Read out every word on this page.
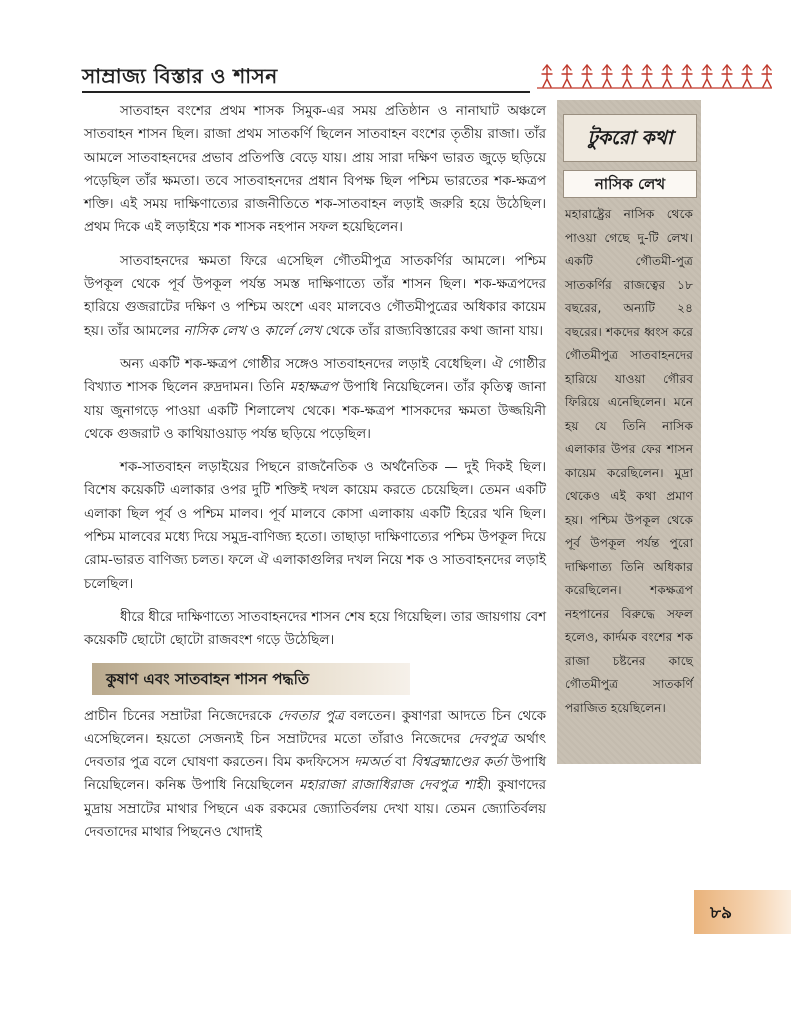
সাম্রাজ্য বিস্তার ও শাসন

সাতবাহন বংশের প্রথম শাসক সিমুক-এর সময় প্রতিষ্ঠান ও নানাঘাট অঞ্চলে সাতবাহন শাসন ছিল। রাজা প্রথম সাতকর্ণি ছিলেন সাতবাহন বংশের তৃতীয় রাজা। তাঁর আমলে সাতবাহনদের প্রভাব প্রতিপত্তি বেড়ে যায়। প্রায় সারা দক্ষিণ ভারত জুড়ে ছড়িয়ে পড়েছিল তাঁর ক্ষমতা। তবে সাতবাহনদের প্রধান বিপক্ষ ছিল পশ্চিম ভারতের শক-ক্ষত্রপ শক্তি। এই সময় দাক্ষিণাত্যের রাজনীতিতে শক-সাতবাহন লড়াই জরুরি হয়ে উঠেছিল। প্রথম দিকে এই লড়াইয়ে শক শাসক নহপান সফল হয়েছিলেন।

সাতবাহনদের ক্ষমতা ফিরে এসেছিল গৌতমীপুত্র সাতকর্ণির আমলে। পশ্চিম উপকূল থেকে পূর্ব উপকূল পর্যন্ত সমস্ত দাক্ষিণাত্যে তাঁর শাসন ছিল। শক-ক্ষত্রপদের হারিয়ে গুজরাটের দক্ষিণ ও পশ্চিম অংশে এবং মালবেও গৌতমীপুত্রের অধিকার কায়েম হয়। তাঁর আমলের নাসিক লেখ ও কার্লে লেখ থেকে তাঁর রাজ্যবিস্তারের কথা জানা যায়।

অন্য একটি শক-ক্ষত্রপ গোষ্ঠীর সঙ্গেও সাতবাহনদের লড়াই বেধেছিল। ঐ গোষ্ঠীর বিখ্যাত শাসক ছিলেন রুদ্রদামন। তিনি মহাক্ষত্রপ উপাধি নিয়েছিলেন। তাঁর কৃতিত্ব জানা যায় জুনাগড়ে পাওয়া একটি শিলালেখ থেকে। শক-ক্ষত্রপ শাসকদের ক্ষমতা উজ্জয়িনী থেকে গুজরাট ও কাথিয়াওয়াড় পর্যন্ত ছড়িয়ে পড়েছিল।

শক-সাতবাহন লড়াইয়ের পিছনে রাজনৈতিক ও অর্থনৈতিক — দুই দিকই ছিল। বিশেষ কয়েকটি এলাকার ওপর দুটি শক্তিই দখল কায়েম করতে চেয়েছিল। তেমন একটি এলাকা ছিল পূর্ব ও পশ্চিম মালব। পূর্ব মালবে কোসা এলাকায় একটি হিরের খনি ছিল। পশ্চিম মালবের মধ্যে দিয়ে সমুদ্র-বাণিজ্য হতো। তাছাড়া দাক্ষিণাত্যের পশ্চিম উপকূল দিয়ে রোম-ভারত বাণিজ্য চলত। ফলে ঐ এলাকাগুলির দখল নিয়ে শক ও সাতবাহনদের লড়াই চলেছিল।

ধীরে ধীরে দাক্ষিণাত্যে সাতবাহনদের শাসন শেষ হয়ে গিয়েছিল। তার জায়গায় বেশ কয়েকটি ছোটো ছোটো রাজবংশ গড়ে উঠেছিল।

কুষাণ এবং সাতবাহন শাসন পদ্ধতি

প্রাচীন চিনের সম্রাটরা নিজেদেরকে দেবতার পুত্র বলতেন। কুষাণরা আদতে চিন থেকে এসেছিলেন। হয়তো সেজন্যই চিন সম্রাটদের মতো তাঁরাও নিজেদের দেবপুত্র অর্থাৎ দেবতার পুত্র বলে ঘোষণা করতেন। বিম কদফিসেস দমঅর্ত বা বিশ্বব্রহ্মাণ্ডের কর্তা উপাধি নিয়েছিলেন। কনিষ্ক উপাধি নিয়েছিলেন মহারাজা রাজাধিরাজ দেবপুত্র শাহী। কুষাণদের মুদ্রায় সম্রাটের মাথার পিছনে এক রকমের জ্যোতির্বলয় দেখা যায়। তেমন জ্যোতির্বলয় দেবতাদের মাথার পিছনেও খোদাই

টুকরো কথা
নাসিক লেখ
মহারাষ্ট্রের নাসিক থেকে পাওয়া গেছে দু-টি লেখ। একটি গৌতমী-পুত্র সাতকর্ণির রাজত্বের ১৮ বছরের, অন্যটি ২৪ বছরের। শকদের ধ্বংস করে গৌতমীপুত্র সাতবাহনদের হারিয়ে যাওয়া গৌরব ফিরিয়ে এনেছিলেন। মনে হয় যে তিনি নাসিক এলাকার উপর ফের শাসন কায়েম করেছিলেন। মুদ্রা থেকেও এই কথা প্রমাণ হয়। পশ্চিম উপকূল থেকে পূর্ব উপকূল পর্যন্ত পুরো দাক্ষিণাত্য তিনি অধিকার করেছিলেন। শকক্ষত্রপ নহপানের বিরুদ্ধে সফল হলেও, কার্দমক বংশের শক রাজা চষ্টনের কাছে গৌতমীপুত্র সাতকর্ণি পরাজিত হয়েছিলেন।
৮৯
